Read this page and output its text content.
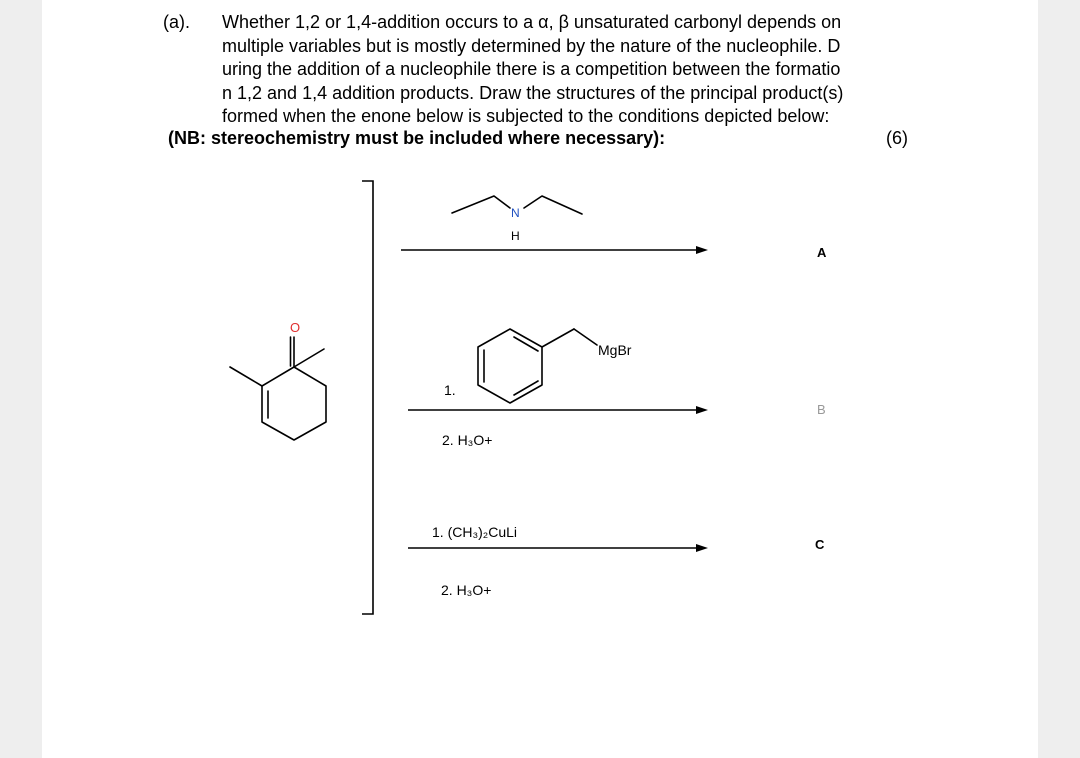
(a). Whether 1,2 or 1,4-addition occurs to a α, β unsaturated carbonyl depends on
multiple variables but is mostly determined by the nature of the nucleophile. D
uring the addition of a nucleophile there is a competition between the formatio
n 1,2 and 1,4 addition products. Draw the structures of the principal product(s)
formed when the enone below is subjected to the conditions depicted below:
(NB: stereochemistry must be included where necessary):	(6)
O
N
H
MgBr
1.
2. H₃O+
1. (CH₃)₂CuLi
2. H₃O+
A
B
C
